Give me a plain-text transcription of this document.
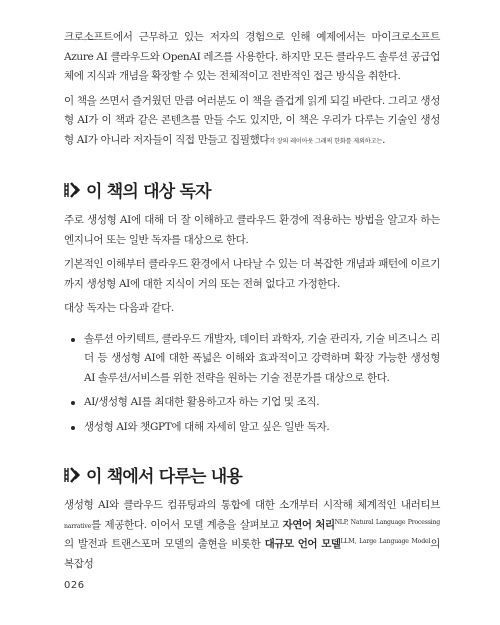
크로소프트에서 근무하고 있는 저자의 경험으로 인해 예제에서는 마이크로소프트 Azure AI 클라우드와 OpenAI 레즈를 사용한다. 하지만 모든 클라우드 솔루션 공급업체에 지식과 개념을 확장할 수 있는 전체적이고 전반적인 접근 방식을 취한다.

이 책을 쓰면서 즐거웠던 만큼 여러분도 이 책을 즐겁게 읽게 되길 바란다. 그리고 생성형 AI가 이 책과 같은 콘텐츠를 만들 수도 있지만, 이 책은 우리가 다루는 기술인 생성형 AI가 아니라 저자들이 직접 만들고 집필했다각 장의 레이아웃 그래픽 한화를 제외하고는.

이 책의 대상 독자

주로 생성형 AI에 대해 더 잘 이해하고 클라우드 환경에 적용하는 방법을 알고자 하는 엔지니어 또는 일반 독자를 대상으로 한다.

기본적인 이해부터 클라우드 환경에서 나타날 수 있는 더 복잡한 개념과 패턴에 이르기까지 생성형 AI에 대한 지식이 거의 또는 전혀 없다고 가정한다.

대상 독자는 다음과 같다.

솔루션 아키텍트, 클라우드 개발자, 데이터 과학자, 기술 관리자, 기술 비즈니스 리더 등 생성형 AI에 대한 폭넓은 이해와 효과적이고 강력하며 확장 가능한 생성형 AI 솔루션/서비스를 위한 전략을 원하는 기술 전문가를 대상으로 한다.

AI/생성형 AI를 최대한 활용하고자 하는 기업 및 조직.

생성형 AI와 챗GPT에 대해 자세히 알고 싶은 일반 독자.

이 책에서 다루는 내용

생성형 AI와 클라우드 컴퓨팅과의 통합에 대한 소개부터 시작해 체계적인 내러티브 narrative를 제공한다. 이어서 모델 계층을 살펴보고 자연어 처리$^{NLP, Natural Language Processing}$의 발전과 트랜스포머 모델의 출현을 비롯한 대규모 언어 모델$^{LLM, Large Language Model}$의 복잡성

026
